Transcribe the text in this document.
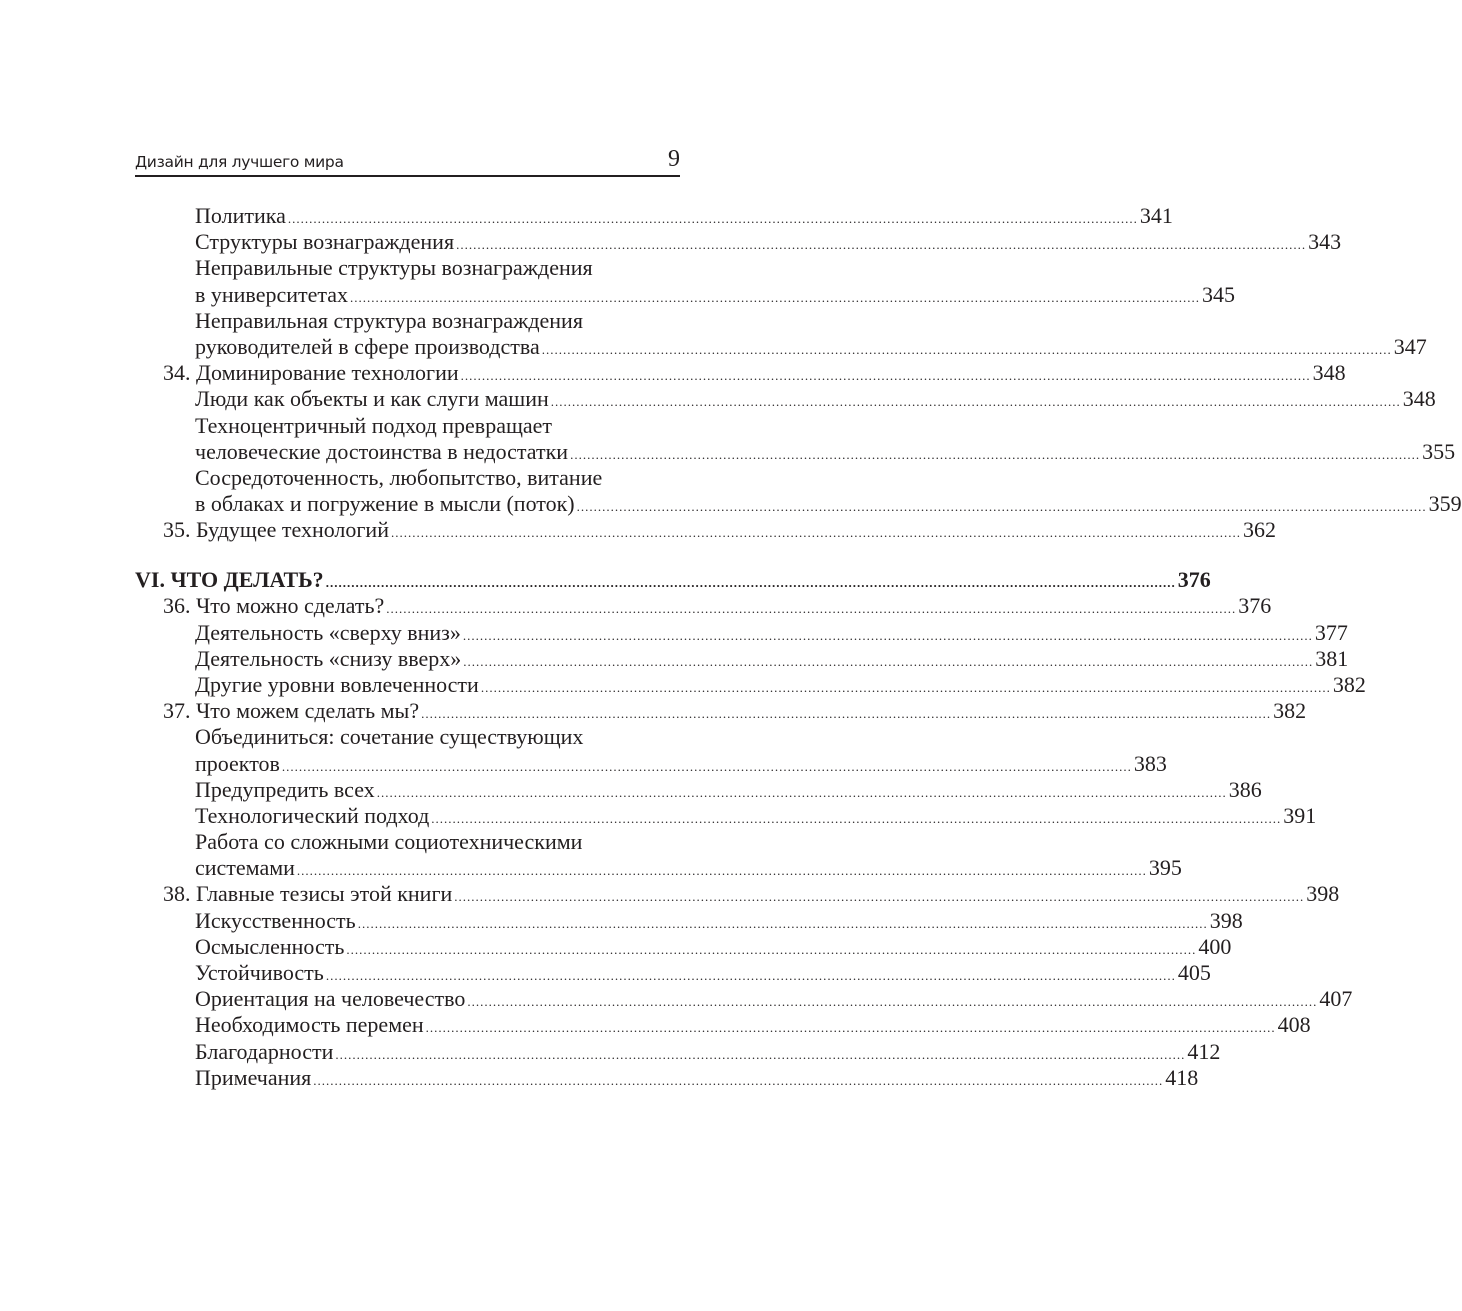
Дизайн для лучшего мира	9
Политика ........................................................................................................................................................................................................ 341
Структуры вознаграждения ........................................................................................................................................................................................................ 343
Неправильные структуры вознаграждения
в университетах ........................................................................................................................................................................................................ 345
Неправильная структура вознаграждения
руководителей в сфере производства ........................................................................................................................................................................................................ 347
34. Доминирование технологии ........................................................................................................................................................................................................ 348
Люди как объекты и как слуги машин ........................................................................................................................................................................................................ 348
Техноцентричный подход превращает
человеческие достоинства в недостатки ........................................................................................................................................................................................................ 355
Сосредоточенность, любопытство, витание
в облаках и погружение в мысли (поток) ........................................................................................................................................................................................................ 359
35. Будущее технологий ........................................................................................................................................................................................................ 362
VI. ЧТО ДЕЛАТЬ? ........................................................................................................................................................................................................ 376
36. Что можно сделать? ........................................................................................................................................................................................................ 376
Деятельность «сверху вниз» ........................................................................................................................................................................................................ 377
Деятельность «снизу вверх» ........................................................................................................................................................................................................ 381
Другие уровни вовлеченности ........................................................................................................................................................................................................ 382
37. Что можем сделать мы? ........................................................................................................................................................................................................ 382
Объединиться: сочетание существующих
проектов ........................................................................................................................................................................................................ 383
Предупредить всех ........................................................................................................................................................................................................ 386
Технологический подход ........................................................................................................................................................................................................ 391
Работа со сложными социотехническими
системами ........................................................................................................................................................................................................ 395
38. Главные тезисы этой книги ........................................................................................................................................................................................................ 398
Искусственность ........................................................................................................................................................................................................ 398
Осмысленность ........................................................................................................................................................................................................ 400
Устойчивость ........................................................................................................................................................................................................ 405
Ориентация на человечество ........................................................................................................................................................................................................ 407
Необходимость перемен ........................................................................................................................................................................................................ 408
Благодарности ........................................................................................................................................................................................................ 412
Примечания ........................................................................................................................................................................................................ 418
